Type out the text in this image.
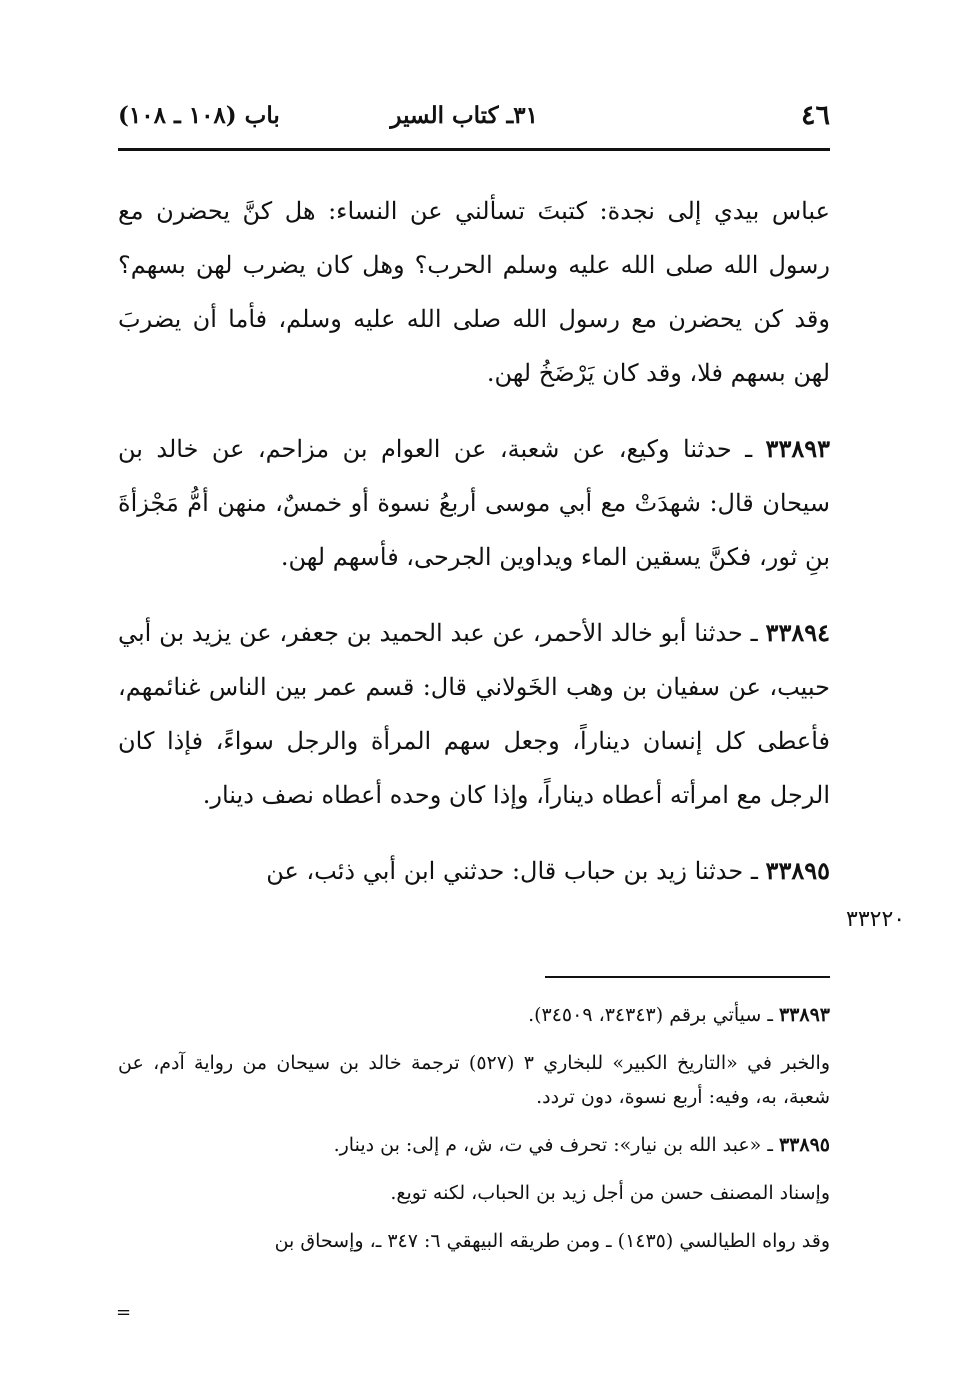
٤٦
٣١ـ كتاب السير
باب (١٠٨ ـ ١٠٨)

عباس بيدي إلى نجدة: كتبتَ تسألني عن النساء: هل كنَّ يحضرن مع رسول الله صلى الله عليه وسلم الحرب؟ وهل كان يضرب لهن بسهم؟ وقد كن يحضرن مع رسول الله صلى الله عليه وسلم، فأما أن يضربَ لهن بسهم فلا، وقد كان يَرْضَخُ لهن.

٣٣٨٩٣ ـ حدثنا وكيع، عن شعبة، عن العوام بن مزاحم، عن خالد بن سيحان قال: شهدَتْ مع أبي موسى أربعُ نسوة أو خمسٌ، منهن أمُّ مَجْزأةَ بنِ ثور، فكنَّ يسقين الماء ويداوين الجرحى، فأسهم لهن.

٣٣٨٩٤ ـ حدثنا أبو خالد الأحمر، عن عبد الحميد بن جعفر، عن يزيد بن أبي حبيب، عن سفيان بن وهب الخَولاني قال: قسم عمر بين الناس غنائمهم، فأعطى كل إنسان ديناراً، وجعل سهم المرأة والرجل سواءً، فإذا كان الرجل مع امرأته أعطاه ديناراً، وإذا كان وحده أعطاه نصف دينار.

٣٣٨٩٥ ـ حدثنا زيد بن حباب قال: حدثني ابن أبي ذئب، عن

٣٣٢٢٠

٣٣٨٩٣ ـ سيأتي برقم (٣٤٣٤٣، ٣٤٥٠٩).

والخبر في «التاريخ الكبير» للبخاري ٣ (٥٢٧) ترجمة خالد بن سيحان من رواية آدم، عن شعبة، به، وفيه: أربع نسوة، دون تردد.

٣٣٨٩٥ ـ «عبد الله بن نيار»: تحرف في ت، ش، م إلى: بن دينار.

وإسناد المصنف حسن من أجل زيد بن الحباب، لكنه تويع.

وقد رواه الطيالسي (١٤٣٥) ـ ومن طريقه البيهقي ٦: ٣٤٧ ـ، وإسحاق بن

=
